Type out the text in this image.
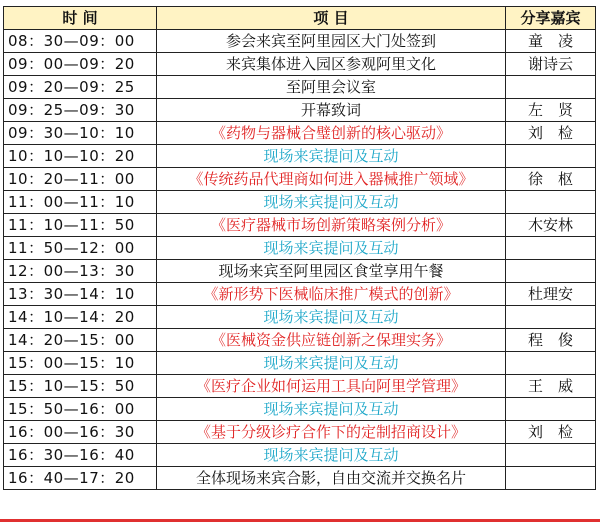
时 间	项 目	分享嘉宾
08：30—09：00	参会来宾至阿里园区大门处签到	童　凌
09：00—09：20	来宾集体进入园区参观阿里文化	谢诗云
09：20—09：25	至阿里会议室	
09：25—09：30	开幕致词	左　贤
09：30—10：10	《药物与器械合璧创新的核心驱动》	刘　检
10：10—10：20	现场来宾提问及互动	
10：20—11：00	《传统药品代理商如何进入器械推广领域》	徐　枢
11：00—11：10	现场来宾提问及互动	
11：10—11：50	《医疗器械市场创新策略案例分析》	木安林
11：50—12：00	现场来宾提问及互动	
12：00—13：30	现场来宾至阿里园区食堂享用午餐	
13：30—14：10	《新形势下医械临床推广模式的创新》	杜理安
14：10—14：20	现场来宾提问及互动	
14：20—15：00	《医械资金供应链创新之保理实务》	程　俊
15：00—15：10	现场来宾提问及互动	
15：10—15：50	《医疗企业如何运用工具向阿里学管理》	王　威
15：50—16：00	现场来宾提问及互动	
16：00—16：30	《基于分级诊疗合作下的定制招商设计》	刘　检
16：30—16：40	现场来宾提问及互动	
16：40—17：20	全体现场来宾合影，自由交流并交换名片	
